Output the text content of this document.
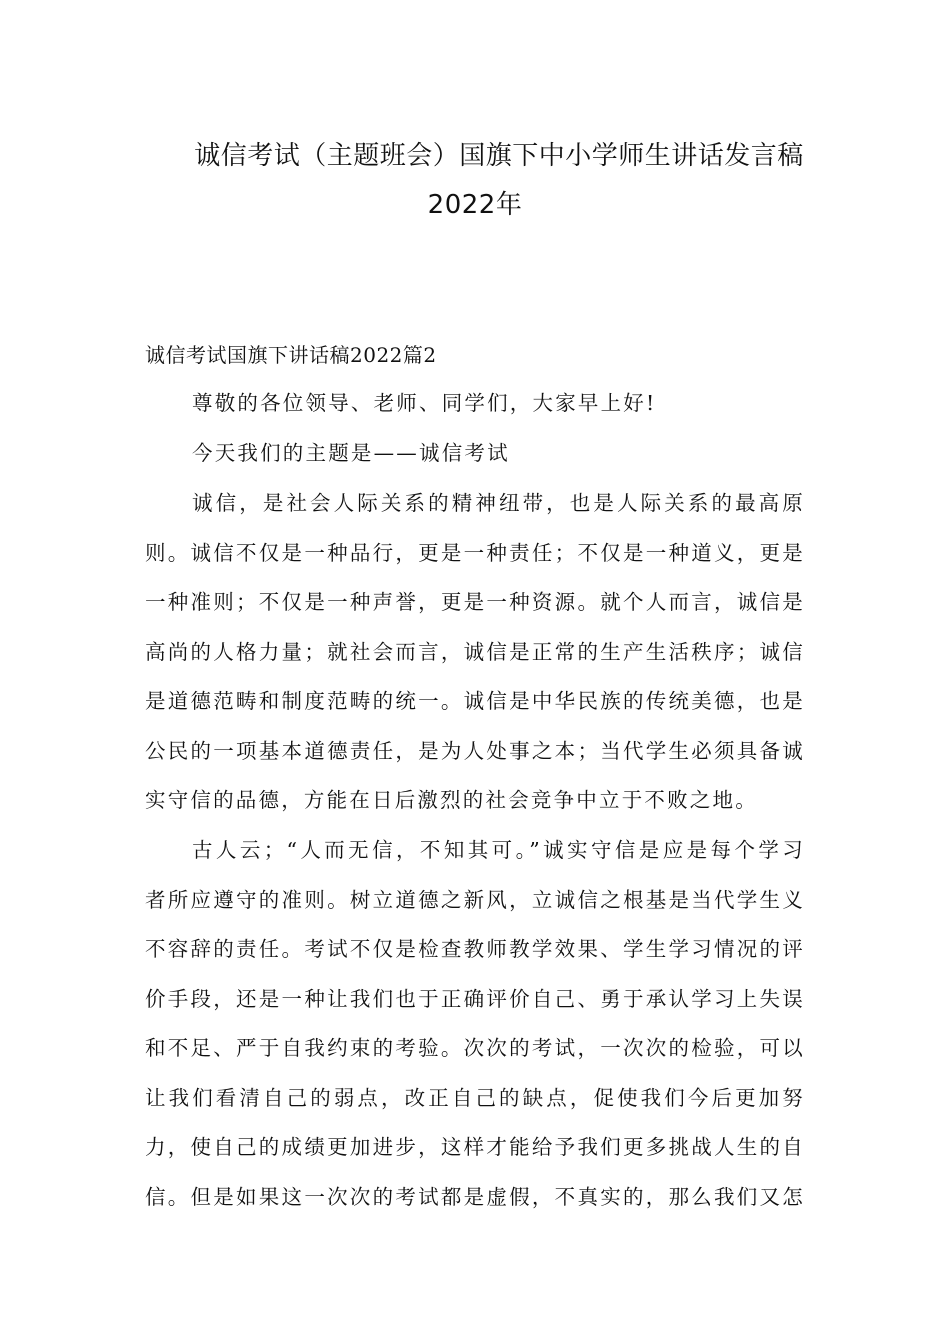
诚信考试（主题班会）国旗下中小学师生讲话发言稿
2022年
诚信考试国旗下讲话稿2022篇2
尊敬的各位领导、老师、同学们，大家早上好!
今天我们的主题是——诚信考试
诚信，是社会人际关系的精神纽带，也是人际关系的最高原
则。诚信不仅是一种品行，更是一种责任；不仅是一种道义，更是
一种准则；不仅是一种声誉，更是一种资源。就个人而言，诚信是
高尚的人格力量；就社会而言，诚信是正常的生产生活秩序；诚信
是道德范畴和制度范畴的统一。诚信是中华民族的传统美德，也是
公民的一项基本道德责任，是为人处事之本；当代学生必须具备诚
实守信的品德，方能在日后激烈的社会竞争中立于不败之地。
古人云；“人而无信，不知其可。”诚实守信是应是每个学习
者所应遵守的准则。树立道德之新风，立诚信之根基是当代学生义
不容辞的责任。考试不仅是检查教师教学效果、学生学习情况的评
价手段，还是一种让我们也于正确评价自己、勇于承认学习上失误
和不足、严于自我约束的考验。次次的考试，一次次的检验，可以
让我们看清自己的弱点，改正自己的缺点，促使我们今后更加努
力，使自己的成绩更加进步，这样才能给予我们更多挑战人生的自
信。但是如果这一次次的考试都是虚假，不真实的，那么我们又怎
